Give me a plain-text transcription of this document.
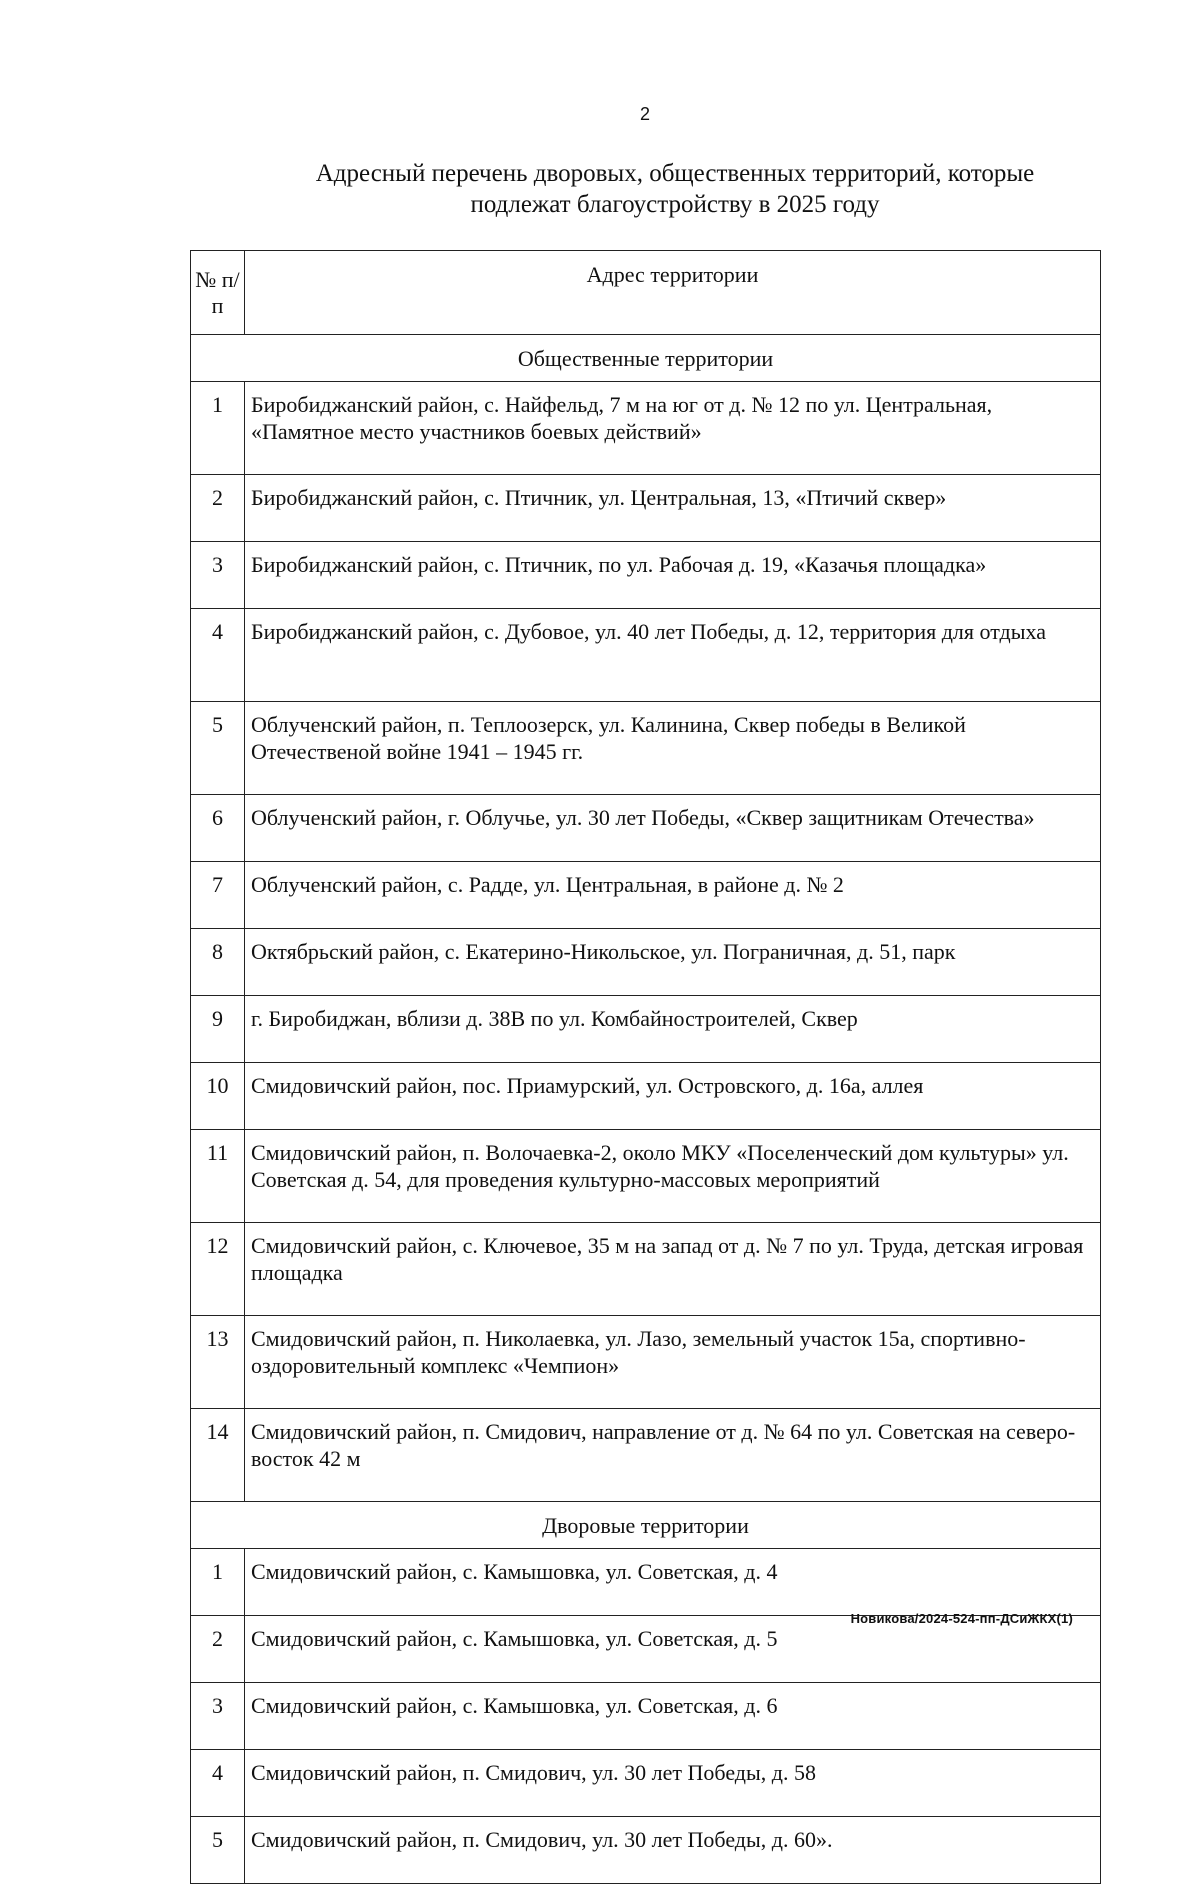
2
Адресный перечень дворовых, общественных территорий, которые
подлежат благоустройству в 2025 году
№ п/п	Адрес территории
Общественные территории	
1	Биробиджанский район, с. Найфельд, 7 м на юг от д. № 12 по ул. Центральная, «Памятное место участников боевых действий»
2	Биробиджанский район, с. Птичник, ул. Центральная, 13, «Птичий сквер»
3	Биробиджанский район, с. Птичник, по ул. Рабочая д. 19, «Казачья площадка»
4	Биробиджанский район, с. Дубовое, ул. 40 лет Победы, д. 12, территория для отдыха
5	Облученский район, п. Теплоозерск, ул. Калинина, Сквер победы в Великой Отечественой войне 1941 – 1945 гг.
6	Облученский район, г. Облучье, ул. 30 лет Победы, «Сквер защитникам Отечества»
7	Облученский район, с. Радде, ул. Центральная, в районе д. № 2
8	Октябрьский район, с. Екатерино-Никольское, ул. Пограничная, д. 51, парк
9	г. Биробиджан, вблизи д. 38В по ул. Комбайностроителей, Сквер
10	Смидовичский район, пос. Приамурский, ул. Островского, д. 16а, аллея
11	Смидовичский район, п. Волочаевка-2, около МКУ «Поселенческий дом культуры» ул. Советская д. 54, для проведения культурно-массовых мероприятий
12	Смидовичский район, с. Ключевое, 35 м на запад от д. № 7 по ул. Труда, детская игровая площадка
13	Смидовичский район, п. Николаевка, ул. Лазо, земельный участок 15а, спортивно-оздоровительный комплекс «Чемпион»
14	Смидовичский район, п. Смидович, направление от д. № 64 по ул. Советская на северо-восток 42 м
Дворовые территории	
1	Смидовичский район, с. Камышовка, ул. Советская, д. 4
2	Смидовичский район, с. Камышовка, ул. Советская, д. 5
3	Смидовичский район, с. Камышовка, ул. Советская, д. 6
4	Смидовичский район, п. Смидович, ул. 30 лет Победы, д. 58
5	Смидовичский район, п. Смидович, ул. 30 лет Победы, д. 60».
Новикова/2024-524-пп-ДСиЖКХ(1)
